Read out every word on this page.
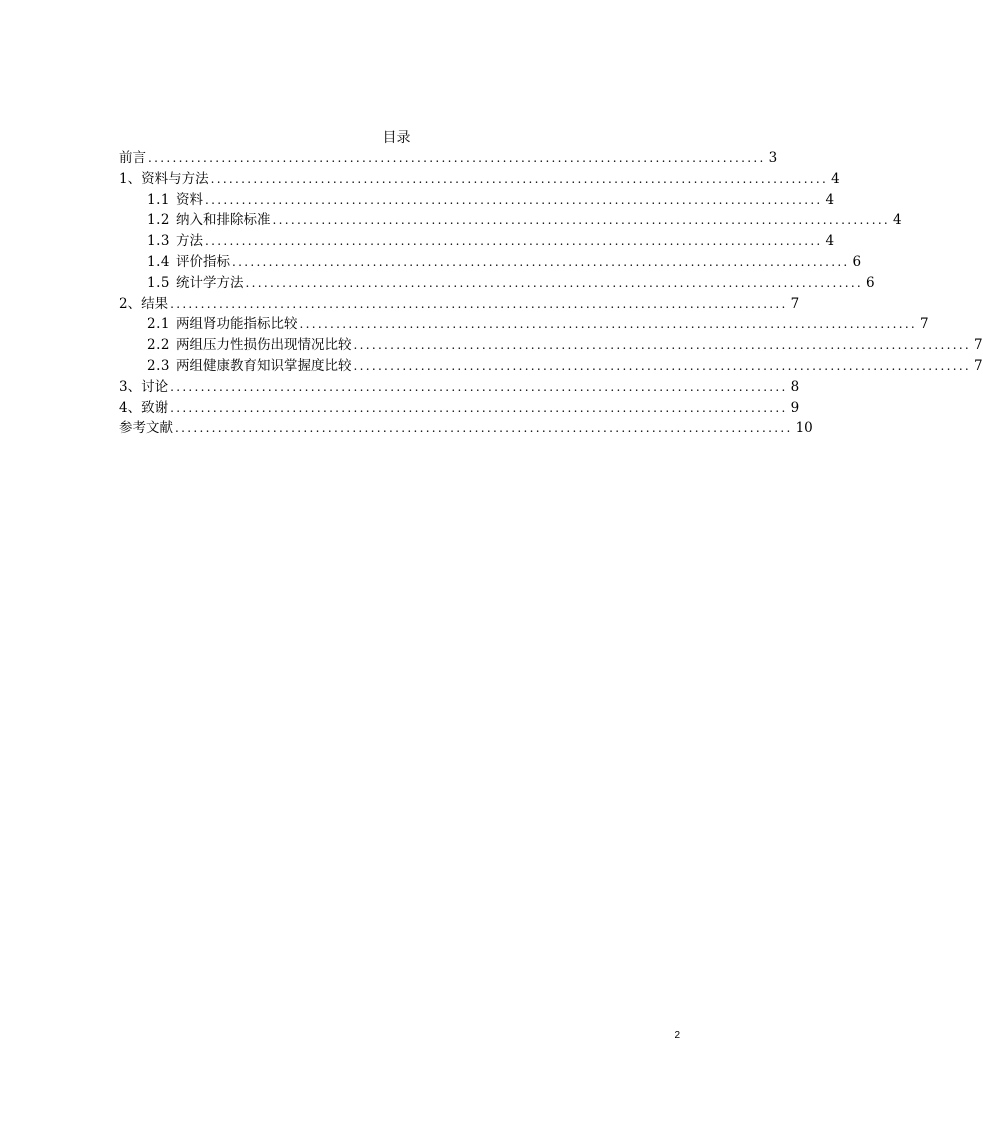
目录
前言 ..................................................................................................... 3
1、资料与方法 ..................................................................................................... 4
1.1 资料 ..................................................................................................... 4
1.2 纳入和排除标准 ..................................................................................................... 4
1.3 方法 ..................................................................................................... 4
1.4 评价指标 ..................................................................................................... 6
1.5 统计学方法 ..................................................................................................... 6
2、结果 ..................................................................................................... 7
2.1 两组肾功能指标比较 ..................................................................................................... 7
2.2 两组压力性损伤出现情况比较 ..................................................................................................... 7
2.3 两组健康教育知识掌握度比较 ..................................................................................................... 7
3、讨论 ..................................................................................................... 8
4、致谢 ..................................................................................................... 9
参考文献 ..................................................................................................... 10
2
